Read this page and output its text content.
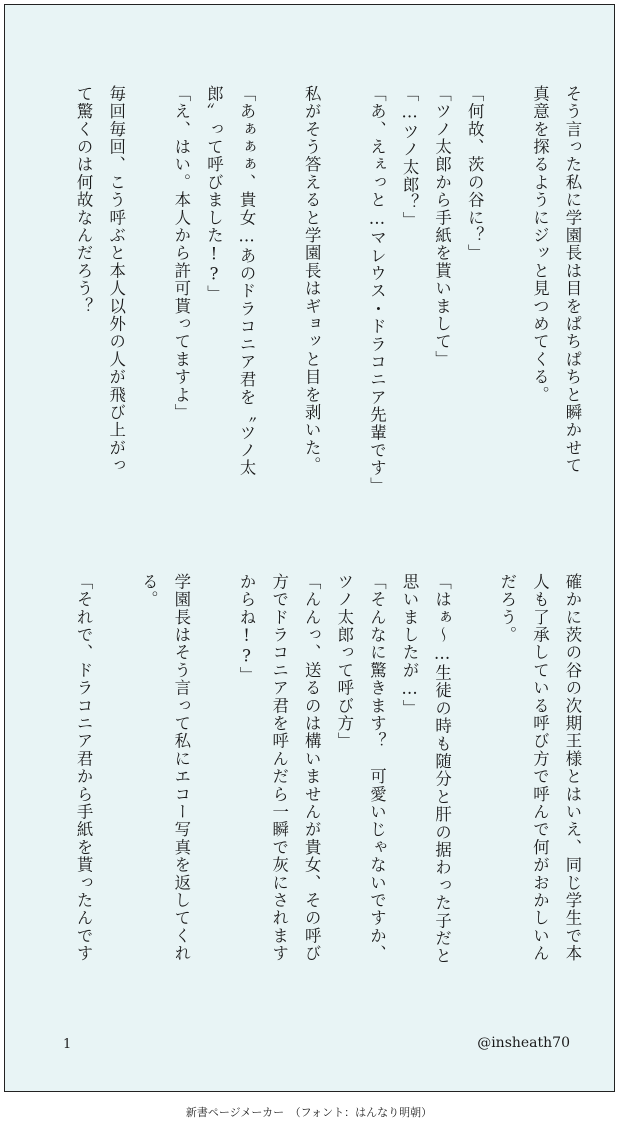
そう言った私に学園長は目をぱちぱちと瞬かせて
真意を探るようにジッと見つめてくる。

「何故、茨の谷に？」
「ツノ太郎から手紙を貰いまして」
「…ツノ太郎？」
「あ、えぇっと…マレウス・ドラコニア先輩です」

私がそう答えると学園長はギョッと目を剥いた。

「あぁぁぁ、貴女…あのドラコニア君を〝ツノ太
郎〟って呼びました!?」
「え、はい。本人から許可貰ってますよ」

毎回毎回、こう呼ぶと本人以外の人が飛び上がっ
て驚くのは何故なんだろう？
確かに茨の谷の次期王様とはいえ、同じ学生で本
人も了承している呼び方で呼んで何がおかしいん
だろう。

「はぁ〜…生徒の時も随分と肝の据わった子だと
思いましたが…」
「そんなに驚きます？　可愛いじゃないですか、
ツノ太郎って呼び方」
「んんっ、送るのは構いませんが貴女、その呼び
方でドラコニア君を呼んだら一瞬で灰にされます
からね!?」

学園長はそう言って私にエコー写真を返してくれ
る。

「それで、ドラコニア君から手紙を貰ったんです
1	@insheath70
新書ページメーカー　（フォント：はんなり明朝）
